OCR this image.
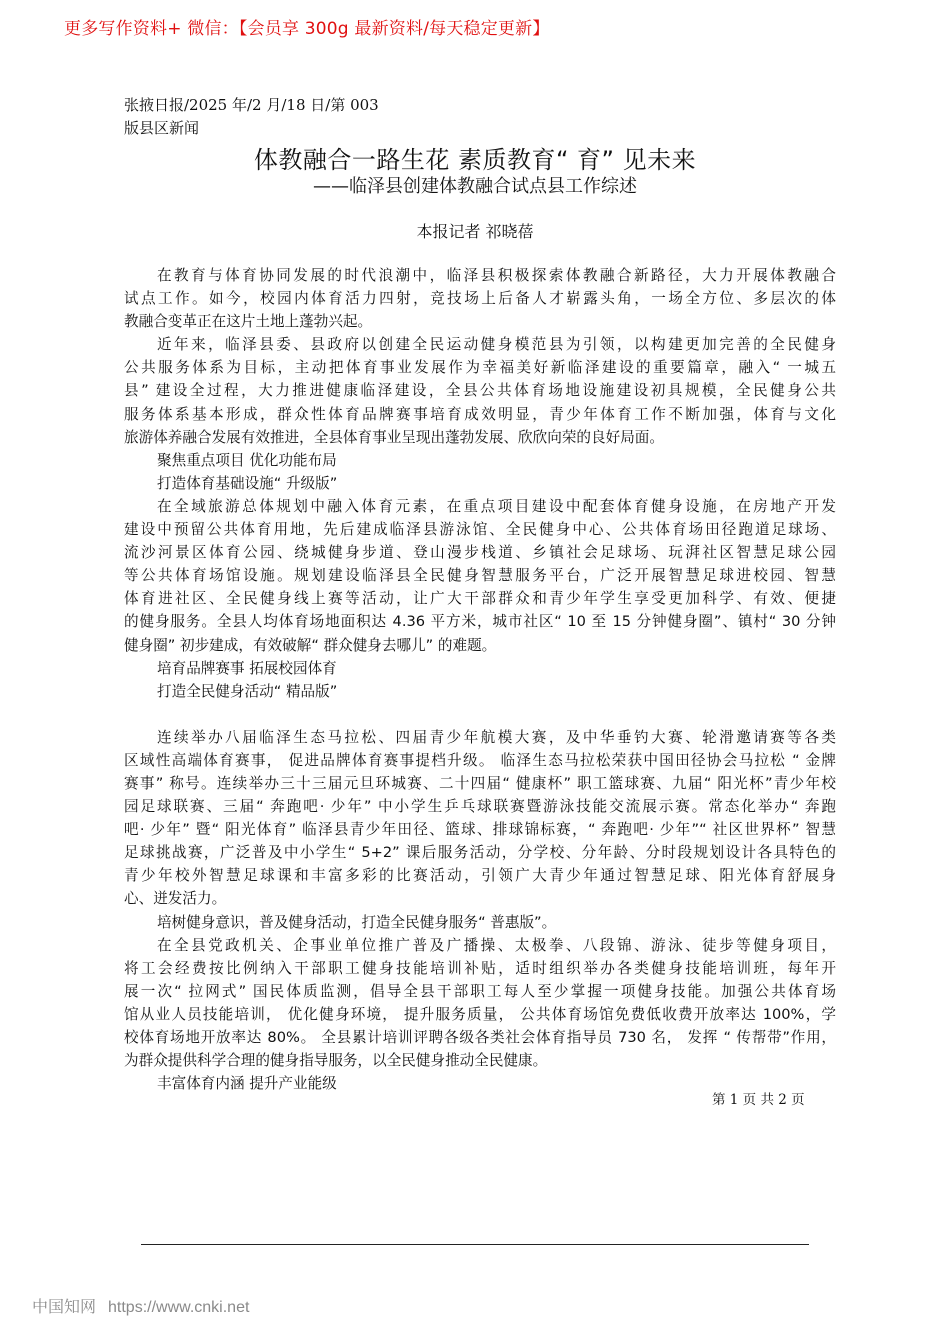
更多写作资料+ 微信：【会员享 300g 最新资料/每天稳定更新】
张掖日报/2025 年/2 月/18 日/第 003
版县区新闻
体教融合一路生花 素质教育“ 育” 见未来
——临泽县创建体教融合试点县工作综述
本报记者 祁晓蓓
在教育与体育协同发展的时代浪潮中，临泽县积极探索体教融合新路径，大力开展体教融合
试点工作。如今，校园内体育活力四射，竞技场上后备人才崭露头角，一场全方位、多层次的体
教融合变革正在这片土地上蓬勃兴起。
近年来，临泽县委、县政府以创建全民运动健身模范县为引领，以构建更加完善的全民健身
公共服务体系为目标，主动把体育事业发展作为幸福美好新临泽建设的重要篇章，融入“ 一城五
县” 建设全过程，大力推进健康临泽建设，全县公共体育场地设施建设初具规模，全民健身公共
服务体系基本形成，群众性体育品牌赛事培育成效明显，青少年体育工作不断加强，体育与文化
旅游体养融合发展有效推进，全县体育事业呈现出蓬勃发展、欣欣向荣的良好局面。
聚焦重点项目 优化功能布局
打造体育基础设施“ 升级版”
在全域旅游总体规划中融入体育元素，在重点项目建设中配套体育健身设施，在房地产开发
建设中预留公共体育用地，先后建成临泽县游泳馆、全民健身中心、公共体育场田径跑道足球场、
流沙河景区体育公园、绕城健身步道、登山漫步栈道、乡镇社会足球场、玩湃社区智慧足球公园
等公共体育场馆设施。规划建设临泽县全民健身智慧服务平台，广泛开展智慧足球进校园、智慧
体育进社区、全民健身线上赛等活动，让广大干部群众和青少年学生享受更加科学、有效、便捷
的健身服务。全县人均体育场地面积达 4.36 平方米，城市社区“ 10 至 15 分钟健身圈”、镇村“ 30 分钟
健身圈” 初步建成，有效破解“ 群众健身去哪儿” 的难题。
培育品牌赛事 拓展校园体育
打造全民健身活动“ 精品版”
连续举办八届临泽生态马拉松、四届青少年航模大赛，及中华垂钓大赛、轮滑邀请赛等各类
区域性高端体育赛事， 促进品牌体育赛事提档升级。 临泽生态马拉松荣获中国田径协会马拉松 “ 金牌
赛事” 称号。连续举办三十三届元旦环城赛、二十四届“ 健康杯” 职工篮球赛、九届“ 阳光杯”青少年校
园足球联赛、三届“ 奔跑吧· 少年” 中小学生乒乓球联赛暨游泳技能交流展示赛。常态化举办“ 奔跑
吧· 少年” 暨“ 阳光体育” 临泽县青少年田径、篮球、排球锦标赛，“ 奔跑吧· 少年”“ 社区世界杯” 智慧
足球挑战赛，广泛普及中小学生“ 5+2” 课后服务活动，分学校、分年龄、分时段规划设计各具特色的
青少年校外智慧足球课和丰富多彩的比赛活动，引领广大青少年通过智慧足球、阳光体育舒展身
心、迸发活力。
培树健身意识，普及健身活动，打造全民健身服务“ 普惠版”。
在全县党政机关、企事业单位推广普及广播操、太极拳、八段锦、游泳、徒步等健身项目，
将工会经费按比例纳入干部职工健身技能培训补贴，适时组织举办各类健身技能培训班，每年开
展一次“ 拉网式” 国民体质监测，倡导全县干部职工每人至少掌握一项健身技能。加强公共体育场
馆从业人员技能培训， 优化健身环境， 提升服务质量， 公共体育场馆免费低收费开放率达 100%，学
校体育场地开放率达 80%。 全县累计培训评聘各级各类社会体育指导员 730 名， 发挥 “ 传帮带”作用，
为群众提供科学合理的健身指导服务，以全民健身推动全民健康。
丰富体育内涵 提升产业能级
第 1 页 共 2 页
中国知网 https://www.cnki.net
